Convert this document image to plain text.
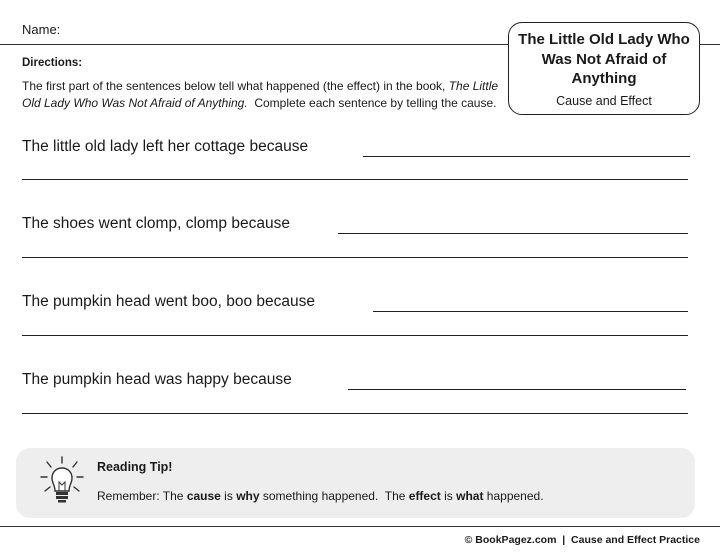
Name:
The Little Old Lady Who Was Not Afraid of Anything
Cause and Effect
Directions:
The first part of the sentences below tell what happened (the effect) in the book, The Little Old Lady Who Was Not Afraid of Anything.  Complete each sentence by telling the cause.
The little old lady left her cottage because
The shoes went clomp, clomp because
The pumpkin head went boo, boo because
The pumpkin head was happy because
Reading Tip!
Remember: The cause is why something happened.  The effect is what happened.
© BookPagez.com  |  Cause and Effect Practice
